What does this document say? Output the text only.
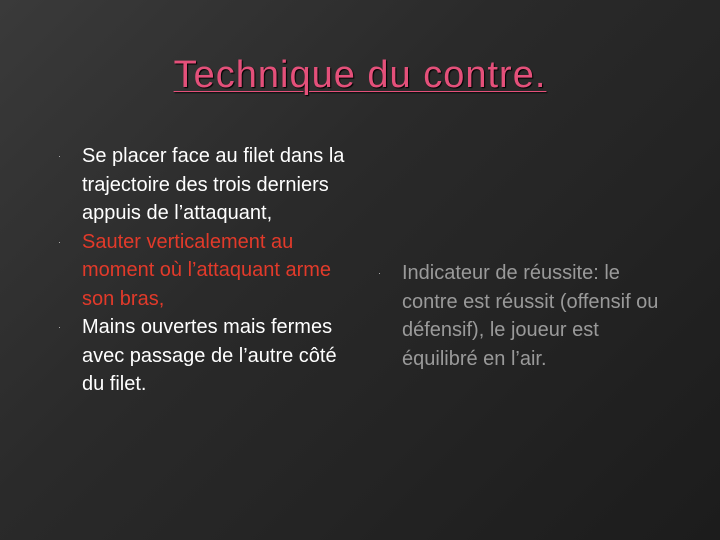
Technique du contre.
· Se placer face au filet dans la trajectoire des trois derniers appuis de l’attaquant,
· Sauter verticalement au moment où l’attaquant arme son bras,
· Mains ouvertes mais fermes avec passage de l’autre côté du filet.
· Indicateur de réussite: le contre est réussit (offensif ou défensif), le joueur est équilibré en l’air.
